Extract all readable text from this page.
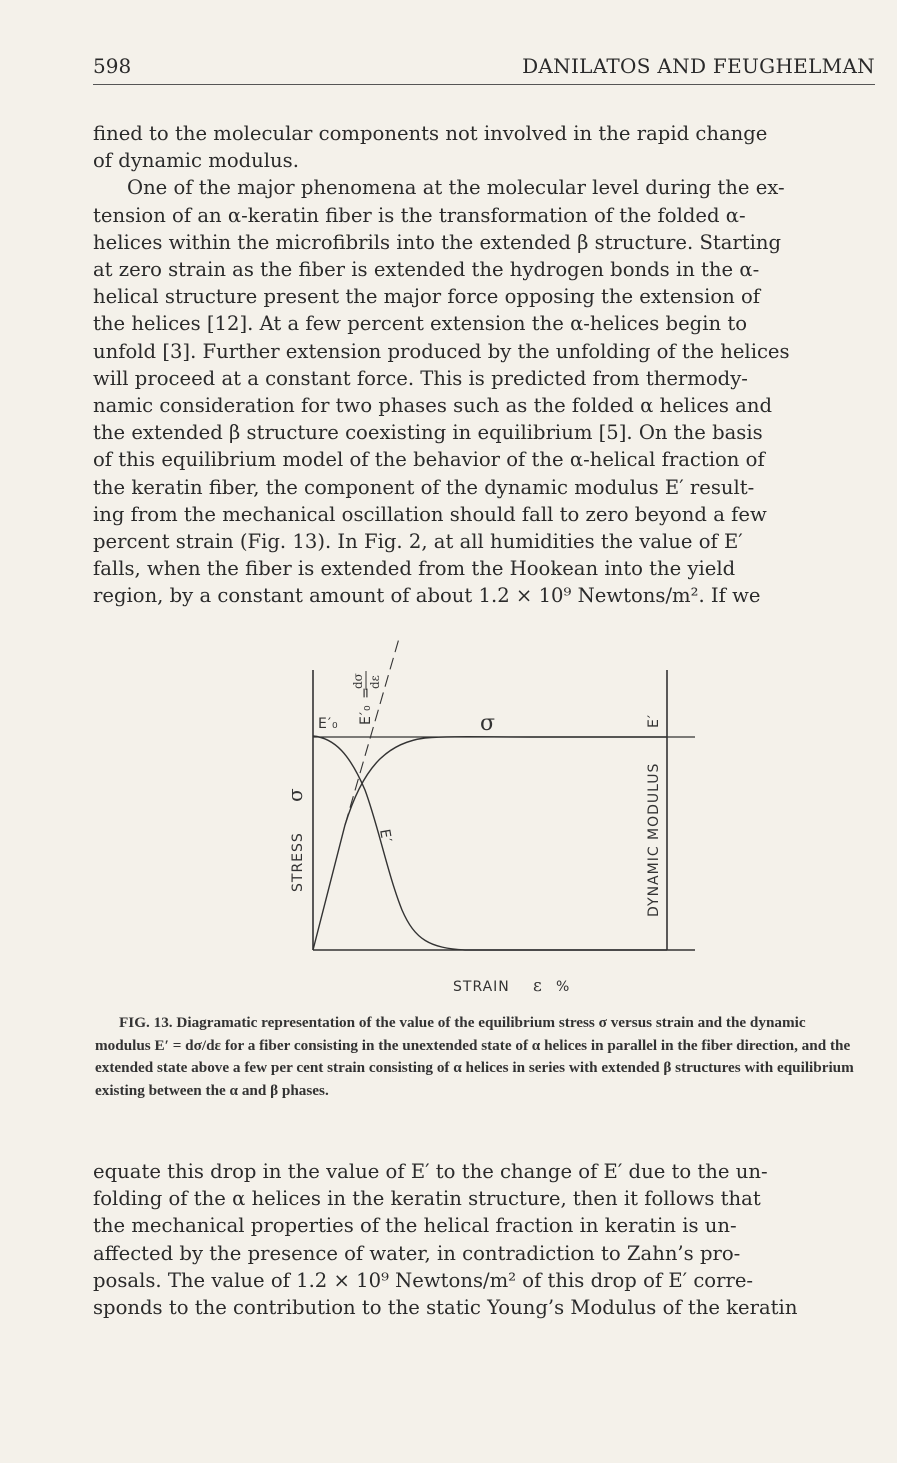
598	DANILATOS AND FEUGHELMAN

fined to the molecular components not involved in the rapid change

of dynamic modulus.

One of the major phenomena at the molecular level during the ex-

tension of an α-keratin fiber is the transformation of the folded α-

helices within the microfibrils into the extended β structure. Starting

at zero strain as the fiber is extended the hydrogen bonds in the α-

helical structure present the major force opposing the extension of

the helices [12]. At a few percent extension the α-helices begin to

unfold [3]. Further extension produced by the unfolding of the helices

will proceed at a constant force. This is predicted from thermody-

namic consideration for two phases such as the folded α helices and

the extended β structure coexisting in equilibrium [5]. On the basis

of this equilibrium model of the behavior of the α-helical fraction of

the keratin fiber, the component of the dynamic modulus E′ result-

ing from the mechanical oscillation should fall to zero beyond a few

percent strain (Fig. 13). In Fig. 2, at all humidities the value of E′

falls, when the fiber is extended from the Hookean into the yield

region, by a constant amount of about 1.2 × 10⁹ Newtons/m². If we

STRESS
σ	DYNAMIC MODULUS
E′
STRAIN ε %
E′₀	σ
E′
E′₀ =
dσ dε
FIG. 13. Diagramatic representation of the value of the equilibrium stress σ versus strain and the dynamic modulus E′ = dσ/dε for a fiber consisting in the unextended state of α helices in parallel in the fiber direction, and the extended state above a few per cent strain consisting of α helices in series with extended β structures with equilibrium existing between the α and β phases.

equate this drop in the value of E′ to the change of E′ due to the un-

folding of the α helices in the keratin structure, then it follows that

the mechanical properties of the helical fraction in keratin is un-

affected by the presence of water, in contradiction to Zahn’s pro-

posals. The value of 1.2 × 10⁹ Newtons/m² of this drop of E′ corre-

sponds to the contribution to the static Young’s Modulus of the keratin
